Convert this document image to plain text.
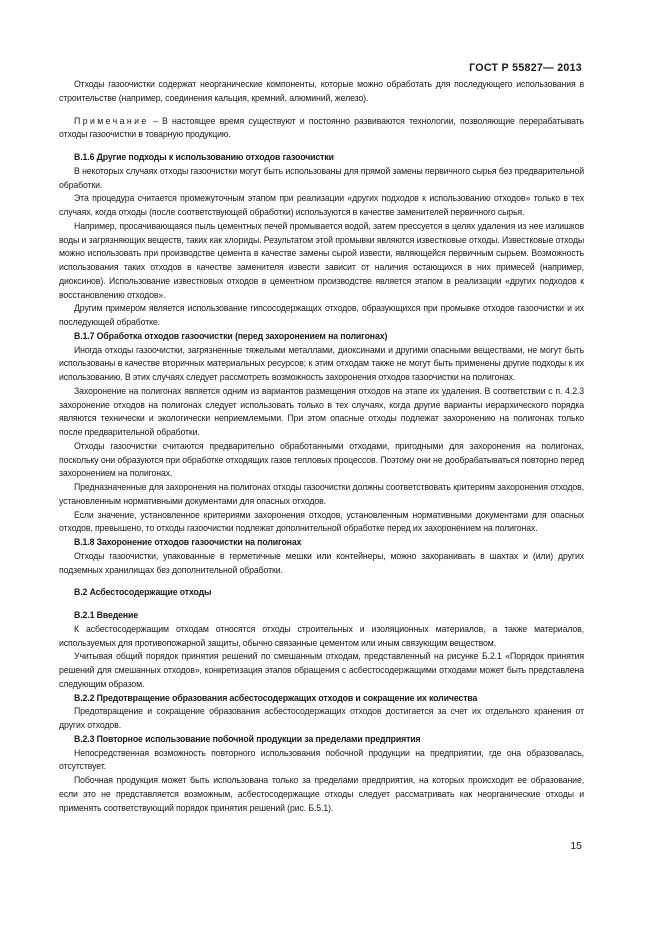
ГОСТ Р 55827— 2013

Отходы газоочистки содержат неорганические компоненты, которые можно обработать для последующего использования в строительстве (например, соединения кальция, кремний, алюминий, железо).

Примечание – В настоящее время существуют и постоянно развиваются технологии, позволяющие перерабатывать отходы газоочистки в товарную продукцию.

В.1.6 Другие подходы к использованию отходов газоочистки

В некоторых случаях отходы газоочистки могут быть использованы для прямой замены первичного сырья без предварительной обработки.

Эта процедура считается промежуточным этапом при реализации «других подходов к использованию отходов» только в тех случаях, когда отходы (после соответствующей обработки) используются в качестве заменителей первичного сырья.

Например, просачивающаяся пыль цементных печей промывается водой, затем прессуется в целях удаления из нее излишков воды и загрязняющих веществ, таких как хлориды. Результатом этой промывки являются известковые отходы. Известковые отходы можно использовать при производстве цемента в качестве замены сырой извести, являющейся первичным сырьем. Возможность использования таких отходов в качестве заменителя извести зависит от наличия остающихся в них примесей (например, диоксинов). Использование известковых отходов в цементном производстве является этапом в реализации «других подходов к восстановлению отходов».

Другим примером является использование гипсосодержащих отходов, образующихся при промывке отходов газоочистки и их последующей обработке.

В.1.7 Обработка отходов газоочистки (перед захоронением на полигонах)

Иногда отходы газоочистки, загрязненные тяжелыми металлами, диоксинами и другими опасными веществами, не могут быть использованы в качестве вторичных материальных ресурсов; к этим отходам также не могут быть применены другие подходы к их использованию. В этих случаях следует рассмотреть возможность захоронения отходов газоочистки на полигонах.

Захоронение на полигонах является одним из вариантов размещения отходов на этапе их удаления. В соответствии с п. 4.2.3 захоронение отходов на полигонах следует использовать только в тех случаях, когда другие варианты иерархического порядка являются технически и экологически неприемлемыми. При этом опасные отходы подлежат захоронению на полигонах только после предварительной обработки.

Отходы газоочистки считаются предварительно обработанными отходами, пригодными для захоронения на полигонах, поскольку они образуются при обработке отходящих газов тепловых процессов. Поэтому они не дообрабатываться повторно перед захоронением на полигонах.

Предназначенные для захоронения на полигонах отходы газоочистки должны соответствовать критериям захоронения отходов, установленным нормативными документами для опасных отходов.

Если значение, установленное критериями захоронения отходов, установленным нормативными документами для опасных отходов, превышено, то отходы газоочистки подлежат дополнительной обработке перед их захоронением на полигонах.

В.1.8 Захоронение отходов газоочистки на полигонах

Отходы газоочистки, упакованные в герметичные мешки или контейнеры, можно захоранивать в шахтах и (или) других подземных хранилищах без дополнительной обработки.

В.2 Асбестосодержащие отходы

В.2.1 Введение

К асбестосодержащим отходам относятся отходы строительных и изоляционных материалов, а также материалов, используемых для противопожарной защиты, обычно связанные цементом или иным связующим веществом.

Учитывая общий порядок принятия решений по смешанным отходам, представленный на рисунке Б.2.1 «Порядок принятия решений для смешанных отходов», конкретизация этапов обращения с асбестосодержащими отходами может быть представлена следующим образом.

В.2.2 Предотвращение образования асбестосодержащих отходов и сокращение их количества

Предотвращение и сокращение образования асбестосодержащих отходов достигается за счет их отдельного хранения от других отходов.

В.2.3 Повторное использование побочной продукции за пределами предприятия

Непосредственная возможность повторного использования побочной продукции на предприятии, где она образовалась, отсутствует.

Побочная продукция может быть использована только за пределами предприятия, на которых происходит ее образование, если это не представляется возможным, асбестосодержащие отходы следует рассматривать как неорганические отходы и применять соответствующий порядок принятия решений (рис. Б.5.1).

15
